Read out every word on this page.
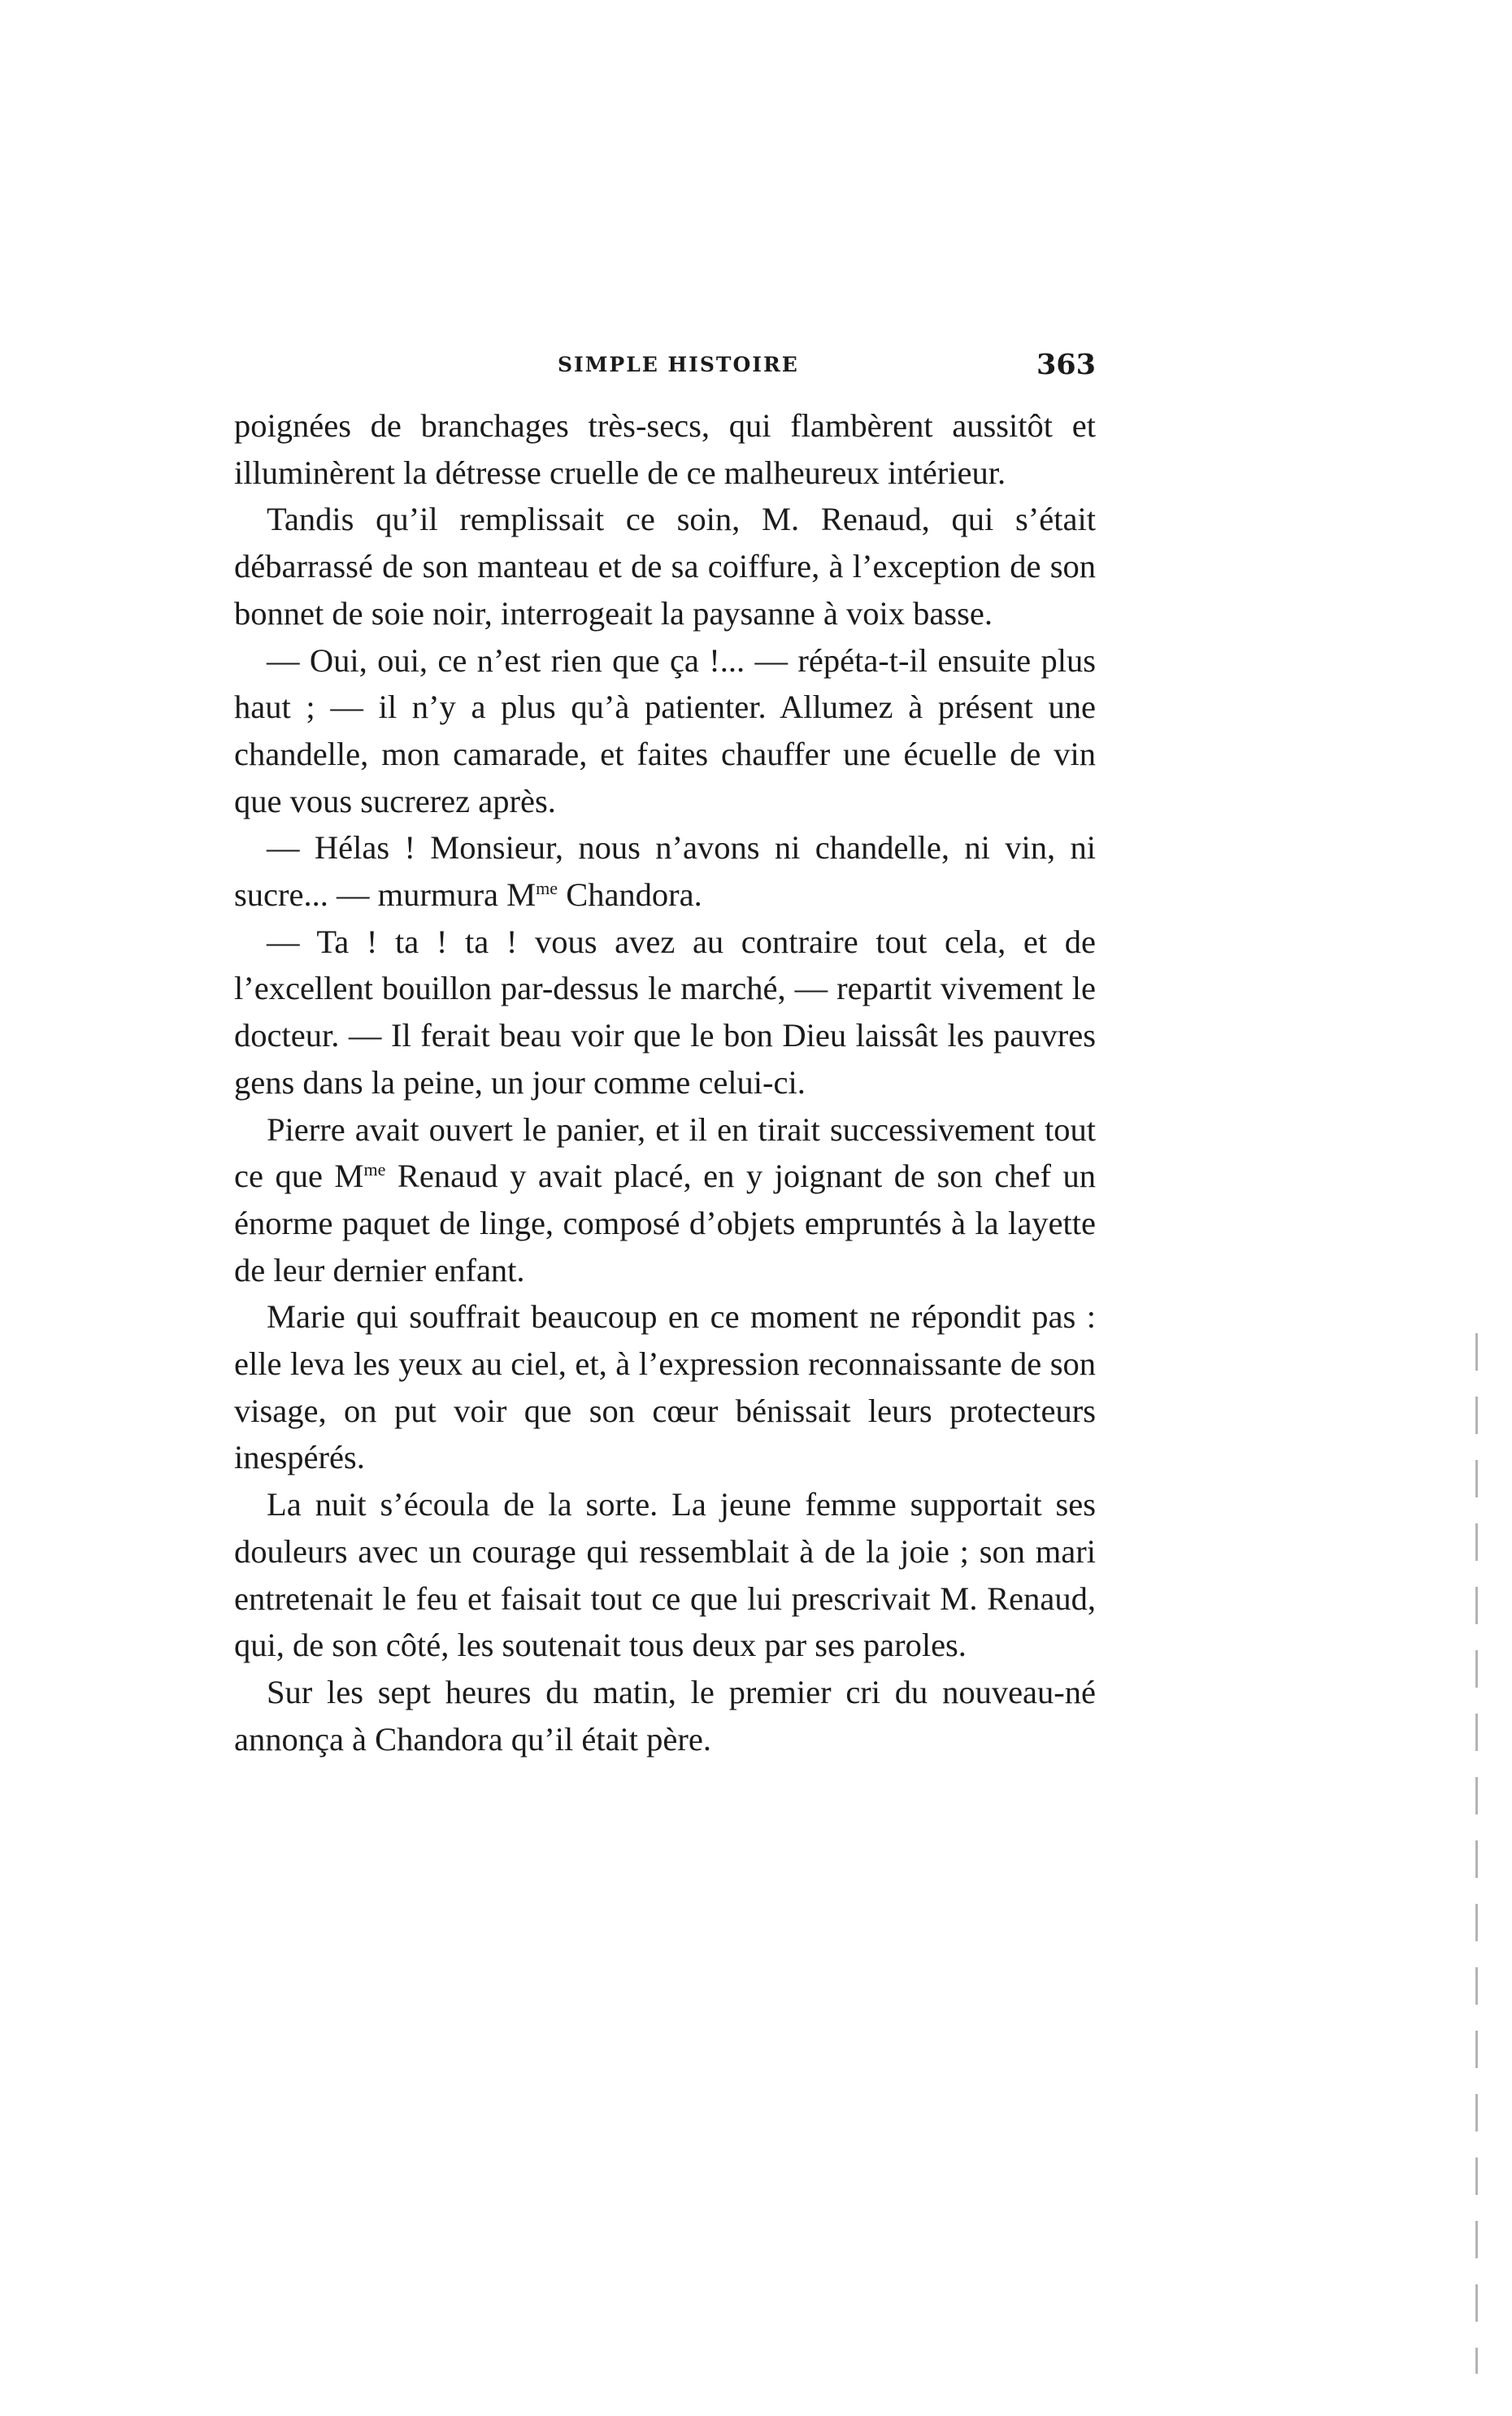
SIMPLE HISTOIRE	363

poignées de branchages très-secs, qui flambèrent aussitôt et illuminèrent la détresse cruelle de ce malheureux intérieur.

Tandis qu’il remplissait ce soin, M. Renaud, qui s’était débarrassé de son manteau et de sa coiffure, à l’exception de son bonnet de soie noir, interrogeait la paysanne à voix basse.

— Oui, oui, ce n’est rien que ça !... — répéta-t-il ensuite plus haut ; — il n’y a plus qu’à patienter. Allumez à présent une chandelle, mon camarade, et faites chauffer une écuelle de vin que vous sucrerez après.

— Hélas ! Monsieur, nous n’avons ni chandelle, ni vin, ni sucre... — murmura $M^{me}$ Chandora.

— Ta ! ta ! ta ! vous avez au contraire tout cela, et de l’excellent bouillon par-dessus le marché, — repartit vivement le docteur. — Il ferait beau voir que le bon Dieu laissât les pauvres gens dans la peine, un jour comme celui-ci.

Pierre avait ouvert le panier, et il en tirait successivement tout ce que $M^{me}$ Renaud y avait placé, en y joignant de son chef un énorme paquet de linge, composé d’objets empruntés à la layette de leur dernier enfant.

Marie qui souffrait beaucoup en ce moment ne répondit pas : elle leva les yeux au ciel, et, à l’expression reconnaissante de son visage, on put voir que son cœur bénissait leurs protecteurs inespérés.

La nuit s’écoula de la sorte. La jeune femme supportait ses douleurs avec un courage qui ressemblait à de la joie ; son mari entretenait le feu et faisait tout ce que lui prescrivait M. Renaud, qui, de son côté, les soutenait tous deux par ses paroles.

Sur les sept heures du matin, le premier cri du nouveau-né annonça à Chandora qu’il était père.
